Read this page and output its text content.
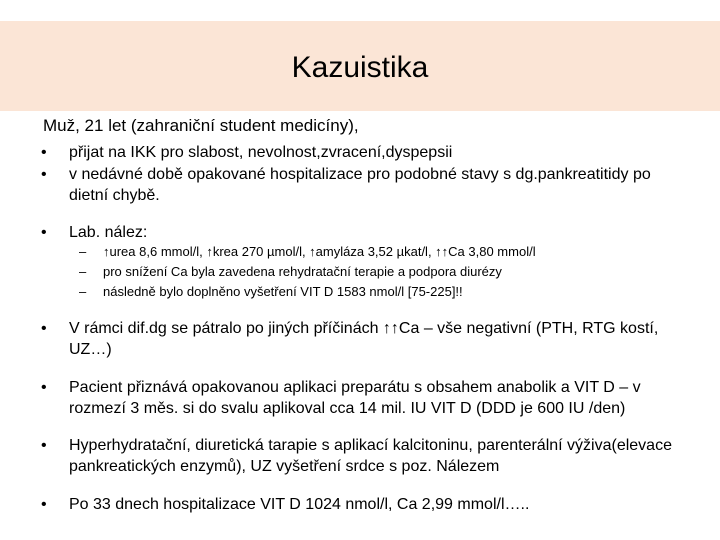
Kazuistika
Muž, 21 let (zahraniční student medicíny),
•	přijat na IKK pro slabost, nevolnost,zvracení,dyspepsii
•	v nedávné době opakované hospitalizace pro podobné stavy s dg.pankreatitidy po dietní chybě.
•	Lab. nález:
– ↑urea 8,6 mmol/l, ↑krea 270 µmol/l, ↑amyláza 3,52 µkat/l, ↑↑Ca 3,80 mmol/l
– pro snížení Ca byla zavedena rehydratační terapie a podpora diurézy
– následně bylo doplněno vyšetření VIT D 1583 nmol/l [75-225]!!
•	V rámci dif.dg se pátralo po jiných příčinách ↑↑Ca – vše negativní (PTH, RTG kostí, UZ…)
•	Pacient přiznává opakovanou aplikaci preparátu s obsahem anabolik a VIT D – v rozmezí 3 měs. si do svalu aplikoval cca 14 mil. IU VIT D (DDD je 600 IU /den)
•	Hyperhydratační, diuretická tarapie s aplikací kalcitoninu, parenterální výživa(elevace pankreatických enzymů), UZ vyšetření srdce s poz. Nálezem
•	Po 33 dnech hospitalizace VIT D 1024 nmol/l, Ca 2,99 mmol/l…..
